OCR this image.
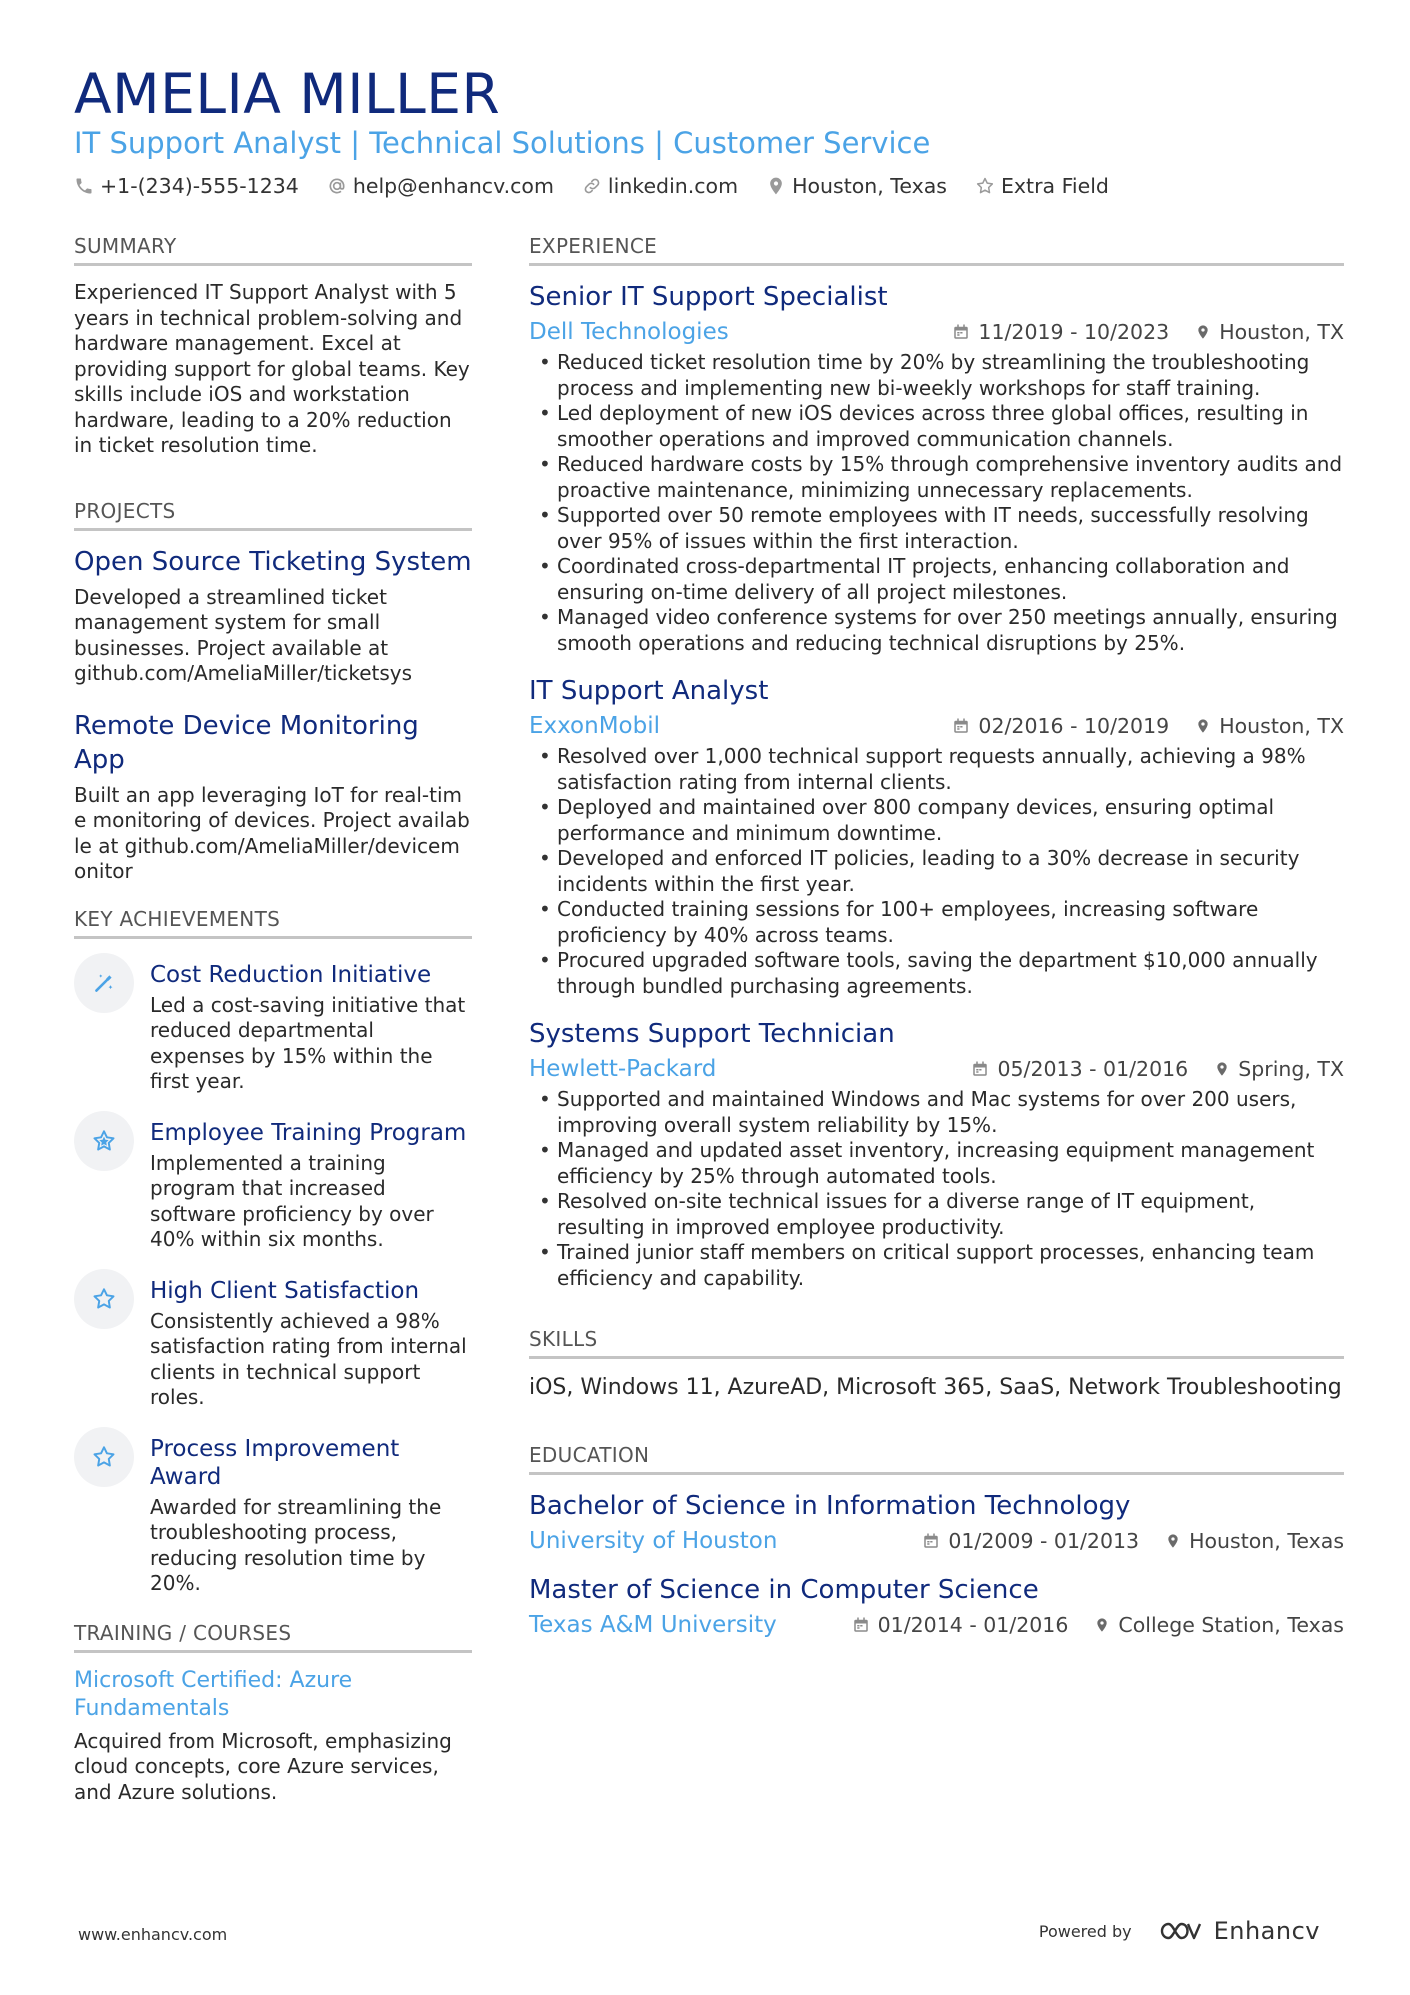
AMELIA MILLER
IT Support Analyst | Technical Solutions | Customer Service
+1-(234)-555-1234	help@enhancv.com	linkedin.com	Houston, Texas	Extra Field
SUMMARY
Experienced IT Support Analyst with 5 years in technical problem-solving and hardware management. Excel at providing support for global teams. Key skills include iOS and workstation hardware, leading to a 20% reduction in ticket resolution time.
PROJECTS
Open Source Ticketing System
Developed a streamlined ticket management system for small businesses. Project available at github.com/AmeliaMiller/ticketsys
Remote Device Monitoring App
Built an app leveraging IoT for real-time monitoring of devices. Project available at github.com/AmeliaMiller/devicemonitor
KEY ACHIEVEMENTS
Cost Reduction Initiative
Led a cost-saving initiative that reduced departmental expenses by 15% within the first year.
Employee Training Program
Implemented a training program that increased software proficiency by over 40% within six months.
High Client Satisfaction
Consistently achieved a 98% satisfaction rating from internal clients in technical support roles.
Process Improvement Award
Awarded for streamlining the troubleshooting process, reducing resolution time by 20%.
TRAINING / COURSES
Microsoft Certified: Azure Fundamentals
Acquired from Microsoft, emphasizing cloud concepts, core Azure services, and Azure solutions.
EXPERIENCE
Senior IT Support Specialist
Dell Technologies	11/2019 - 10/2023 Houston, TX
• Reduced ticket resolution time by 20% by streamlining the troubleshooting process and implementing new bi-weekly workshops for staff training.
• Led deployment of new iOS devices across three global offices, resulting in smoother operations and improved communication channels.
• Reduced hardware costs by 15% through comprehensive inventory audits and proactive maintenance, minimizing unnecessary replacements.
• Supported over 50 remote employees with IT needs, successfully resolving over 95% of issues within the first interaction.
• Coordinated cross-departmental IT projects, enhancing collaboration and ensuring on-time delivery of all project milestones.
• Managed video conference systems for over 250 meetings annually, ensuring smooth operations and reducing technical disruptions by 25%.
IT Support Analyst
ExxonMobil	02/2016 - 10/2019 Houston, TX
• Resolved over 1,000 technical support requests annually, achieving a 98% satisfaction rating from internal clients.
• Deployed and maintained over 800 company devices, ensuring optimal performance and minimum downtime.
• Developed and enforced IT policies, leading to a 30% decrease in security incidents within the first year.
• Conducted training sessions for 100+ employees, increasing software proficiency by 40% across teams.
• Procured upgraded software tools, saving the department $10,000 annually through bundled purchasing agreements.
Systems Support Technician
Hewlett-Packard	05/2013 - 01/2016 Spring, TX
• Supported and maintained Windows and Mac systems for over 200 users, improving overall system reliability by 15%.
• Managed and updated asset inventory, increasing equipment management efficiency by 25% through automated tools.
• Resolved on-site technical issues for a diverse range of IT equipment, resulting in improved employee productivity.
• Trained junior staff members on critical support processes, enhancing team efficiency and capability.
SKILLS
iOS, Windows 11, AzureAD, Microsoft 365, SaaS, Network Troubleshooting
EDUCATION
Bachelor of Science in Information Technology
University of Houston	01/2009 - 01/2013 Houston, Texas
Master of Science in Computer Science
Texas A&M University	01/2014 - 01/2016 College Station, Texas
www.enhancv.com	Powered by	Enhancv
